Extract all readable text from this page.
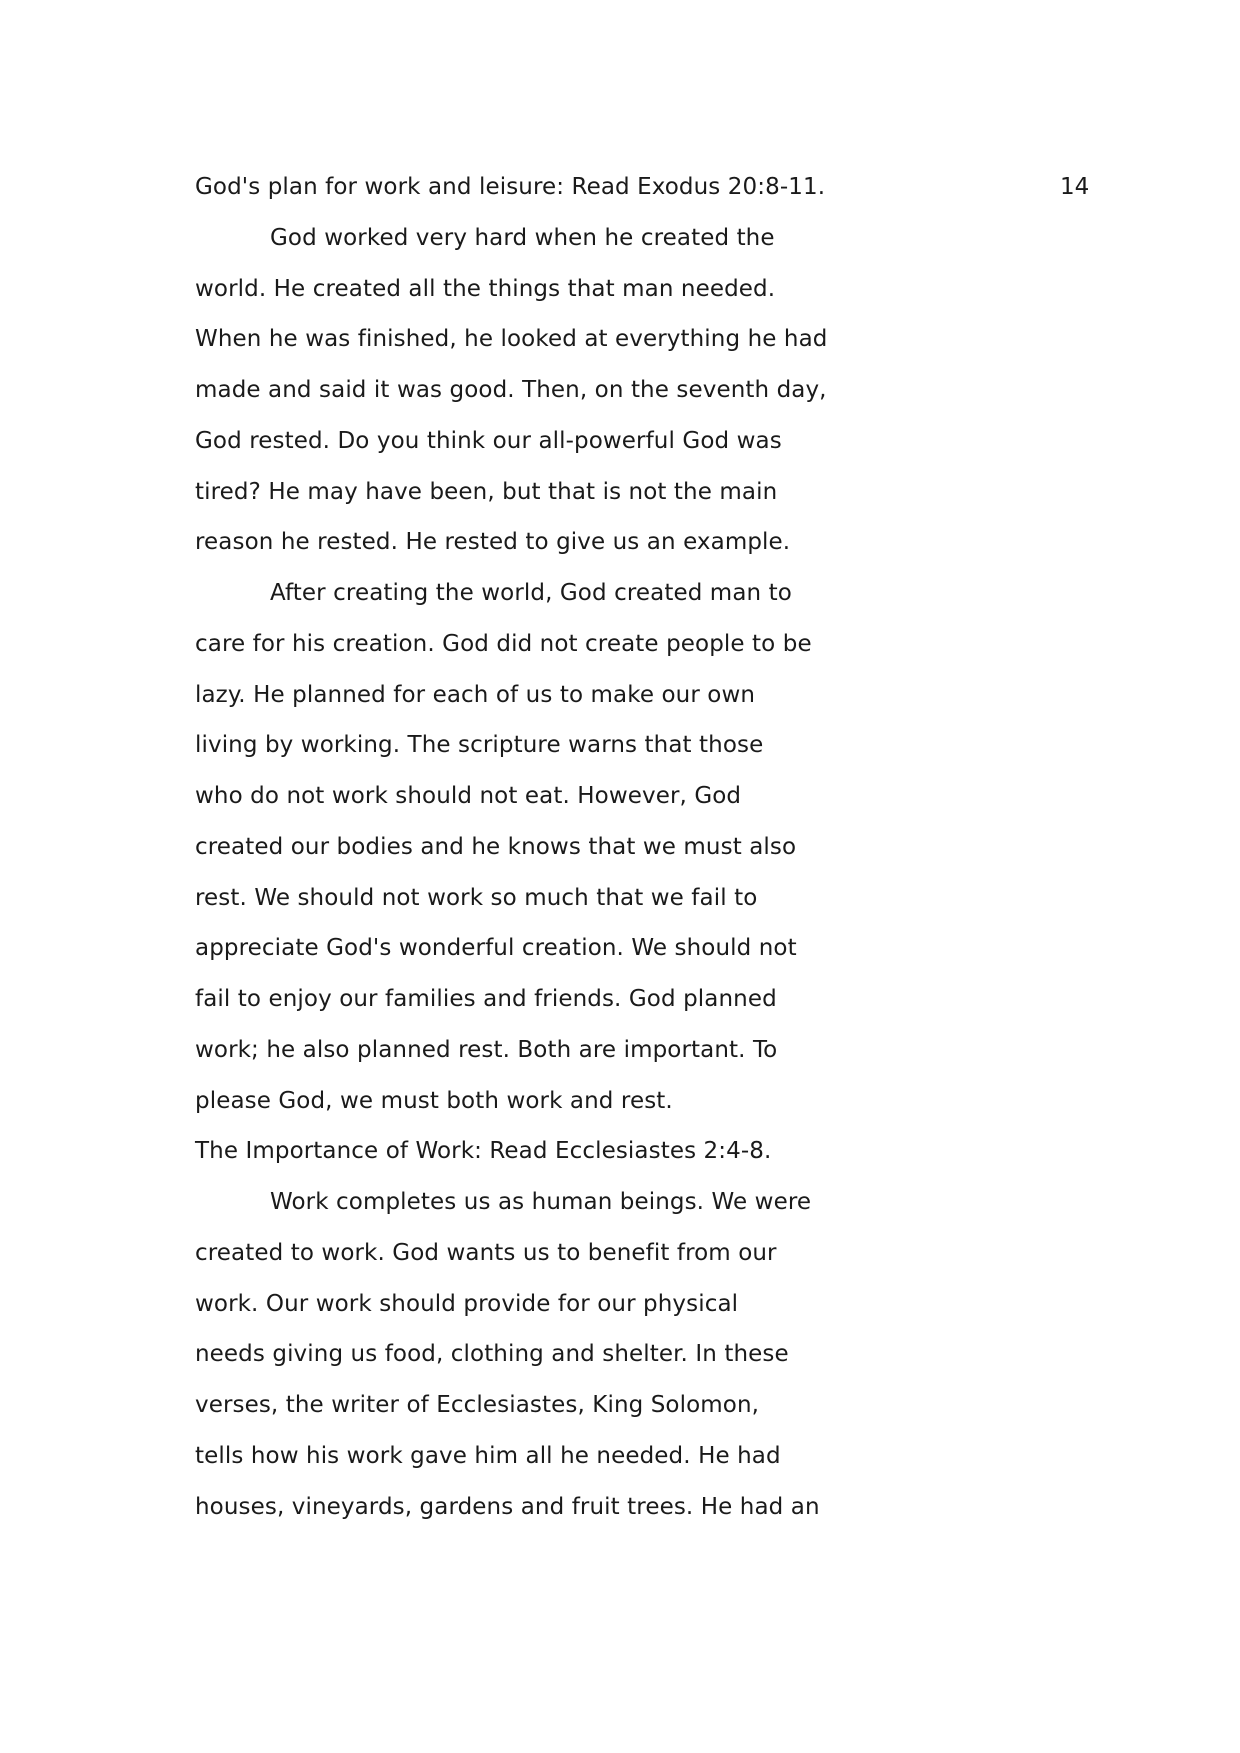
14
God's plan for work and leisure: Read Exodus 20:8-11.
God worked very hard when he created the
world. He created all the things that man needed.
When he was finished, he looked at everything he had
made and said it was good. Then, on the seventh day,
God rested. Do you think our all-powerful God was
tired? He may have been, but that is not the main
reason he rested. He rested to give us an example.
After creating the world, God created man to
care for his creation. God did not create people to be
lazy. He planned for each of us to make our own
living by working. The scripture warns that those
who do not work should not eat. However, God
created our bodies and he knows that we must also
rest. We should not work so much that we fail to
appreciate God's wonderful creation. We should not
fail to enjoy our families and friends. God planned
work; he also planned rest. Both are important. To
please God, we must both work and rest.
The Importance of Work: Read Ecclesiastes 2:4-8.
Work completes us as human beings. We were
created to work. God wants us to benefit from our
work. Our work should provide for our physical
needs giving us food, clothing and shelter. In these
verses, the writer of Ecclesiastes, King Solomon,
tells how his work gave him all he needed. He had
houses, vineyards, gardens and fruit trees. He had an
